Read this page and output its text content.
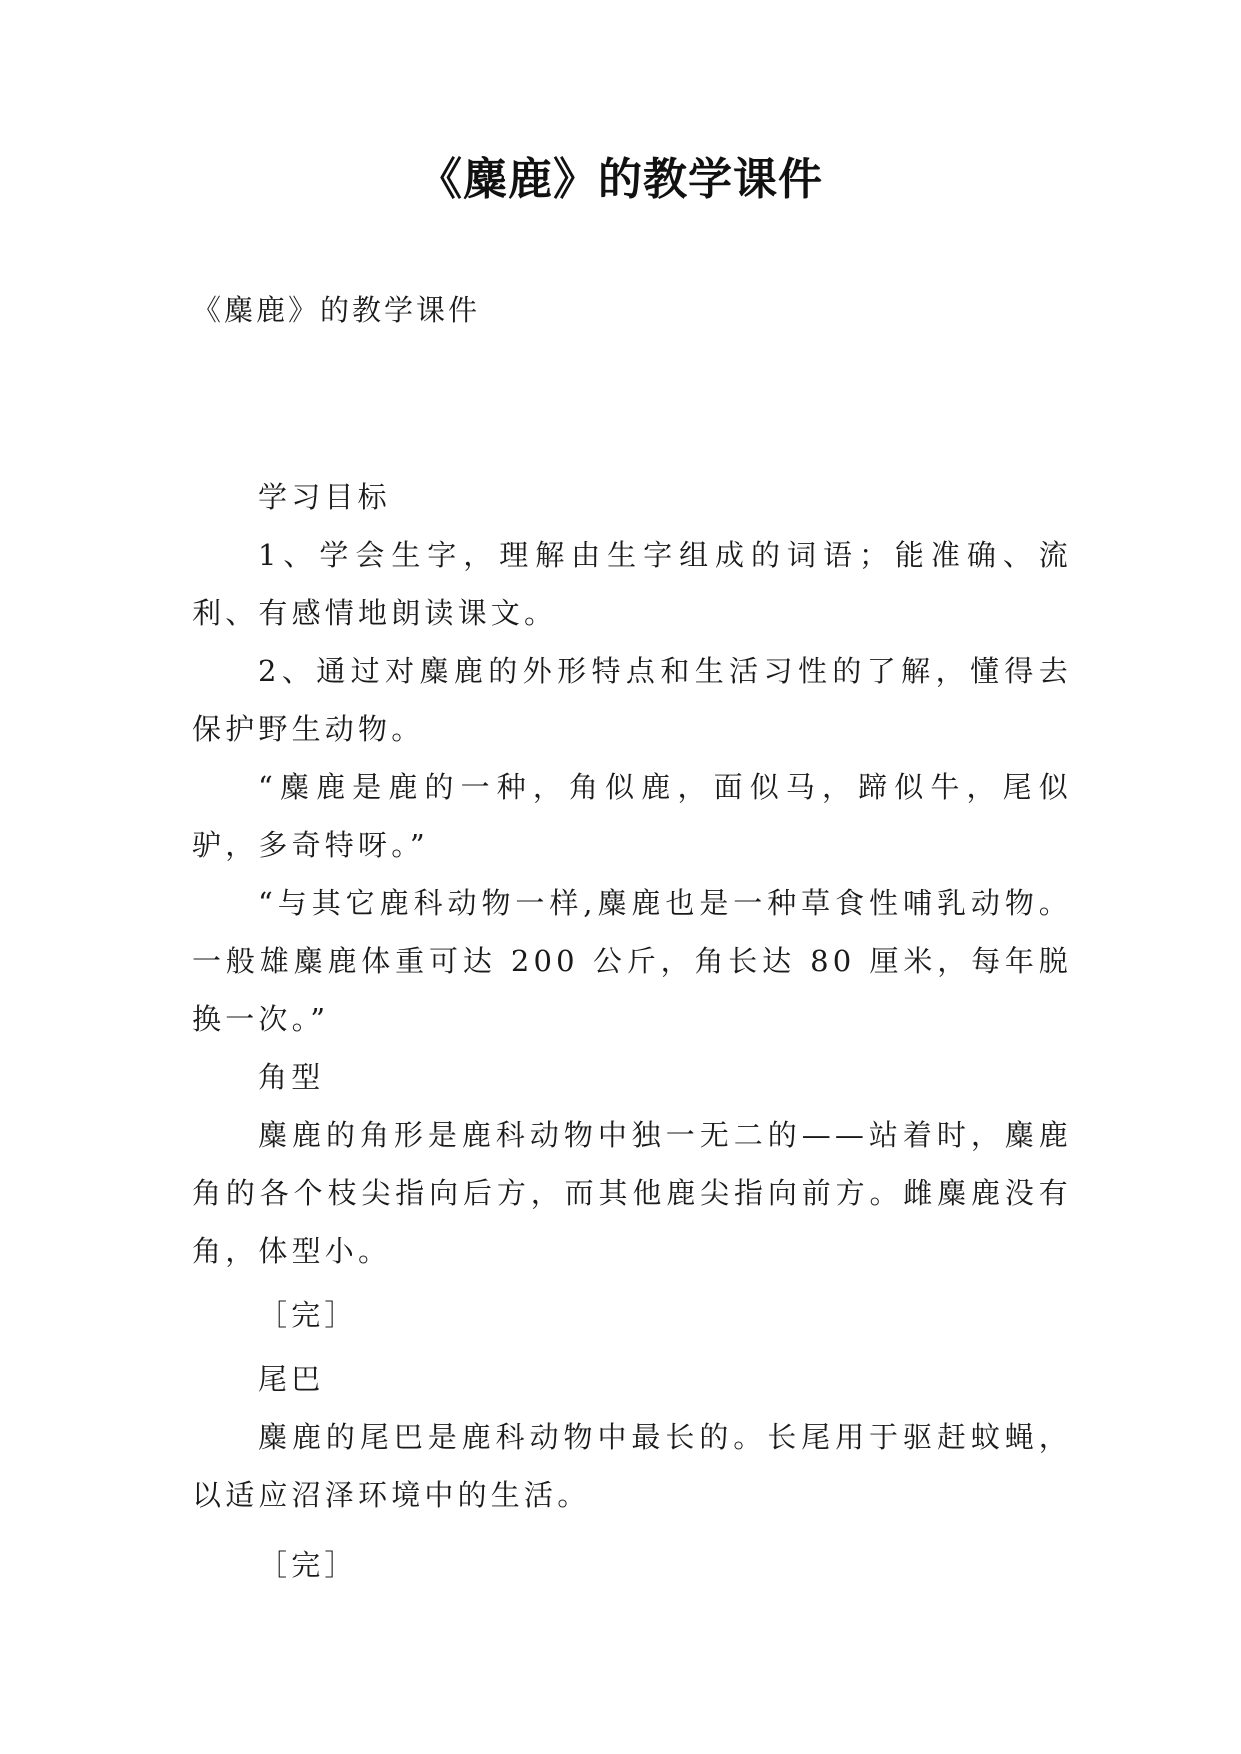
《麋鹿》的教学课件
《麋鹿》的教学课件

学习目标

1、学会生字，理解由生字组成的词语；能准确、流利、有感情地朗读课文。

2、通过对麋鹿的外形特点和生活习性的了解，懂得去保护野生动物。

“麋鹿是鹿的一种，角似鹿，面似马，蹄似牛，尾似驴，多奇特呀。”

“与其它鹿科动物一样,麋鹿也是一种草食性哺乳动物。一般雄麋鹿体重可达 200 公斤，角长达 80 厘米，每年脱换一次。”

角型

麋鹿的角形是鹿科动物中独一无二的——站着时，麋鹿角的各个枝尖指向后方，而其他鹿尖指向前方。雌麋鹿没有角，体型小。

［完］

尾巴

麋鹿的尾巴是鹿科动物中最长的。长尾用于驱赶蚊蝇，以适应沼泽环境中的生活。

［完］
